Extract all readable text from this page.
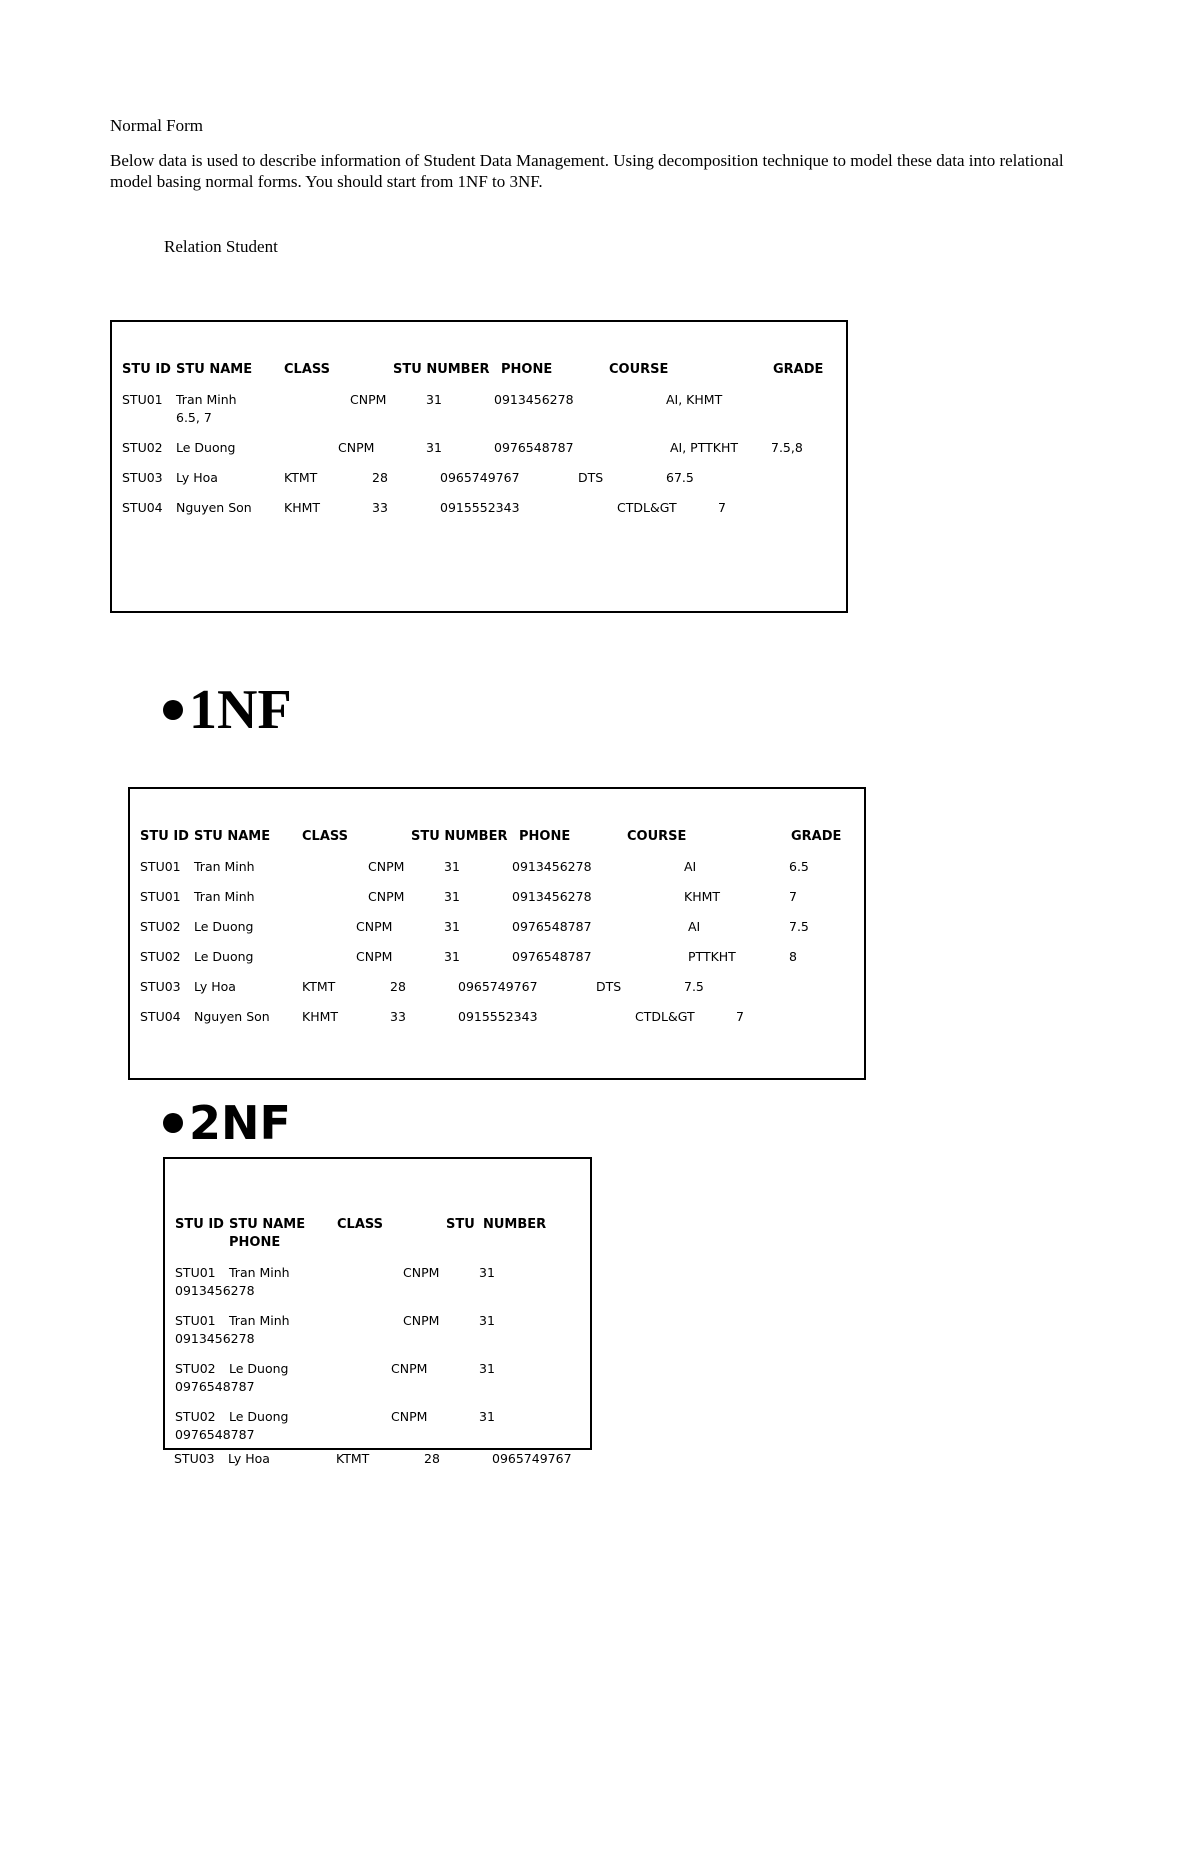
Normal Form

Below data is used to describe information of Student Data Management. Using decomposition technique to model these data into relational model basing normal forms. You should start from 1NF to 3NF.

Relation Student

STU ID STU NAME CLASS	STU NUMBER PHONE	COURSE	GRADE
STU01 Tran Minh	CNPM	31	0913456278	AI, KHMT
6.5, 7
STU02 Le Duong	CNPM	31	0976548787	AI, PTTKHT	7.5,8
STU03 Ly Hoa	KTMT	28	0965749767	DTS	67.5
STU04 Nguyen Son	KHMT	33	0915552343	CTDL&GT	7
1NF
STU ID STU NAME CLASS	STU NUMBER PHONE	COURSE	GRADE
STU01 Tran Minh	CNPM	31	0913456278	AI	6.5
STU01 Tran Minh	CNPM	31	0913456278	KHMT	7
STU02 Le Duong	CNPM	31	0976548787	AI	7.5
STU02 Le Duong	CNPM	31	0976548787	PTTKHT	8
STU03 Ly Hoa	KTMT	28	0965749767	DTS	7.5
STU04 Nguyen Son	KHMT	33	0915552343	CTDL&GT	7
2NF
STU ID STU NAME CLASS	STU NUMBER
PHONE
STU01 Tran Minh	CNPM	31
0913456278
STU01 Tran Minh	CNPM	31
0913456278
STU02 Le Duong	CNPM	31
0976548787
STU02 Le Duong	CNPM	31
0976548787
STU03 Ly Hoa	KTMT	28	0965749767
